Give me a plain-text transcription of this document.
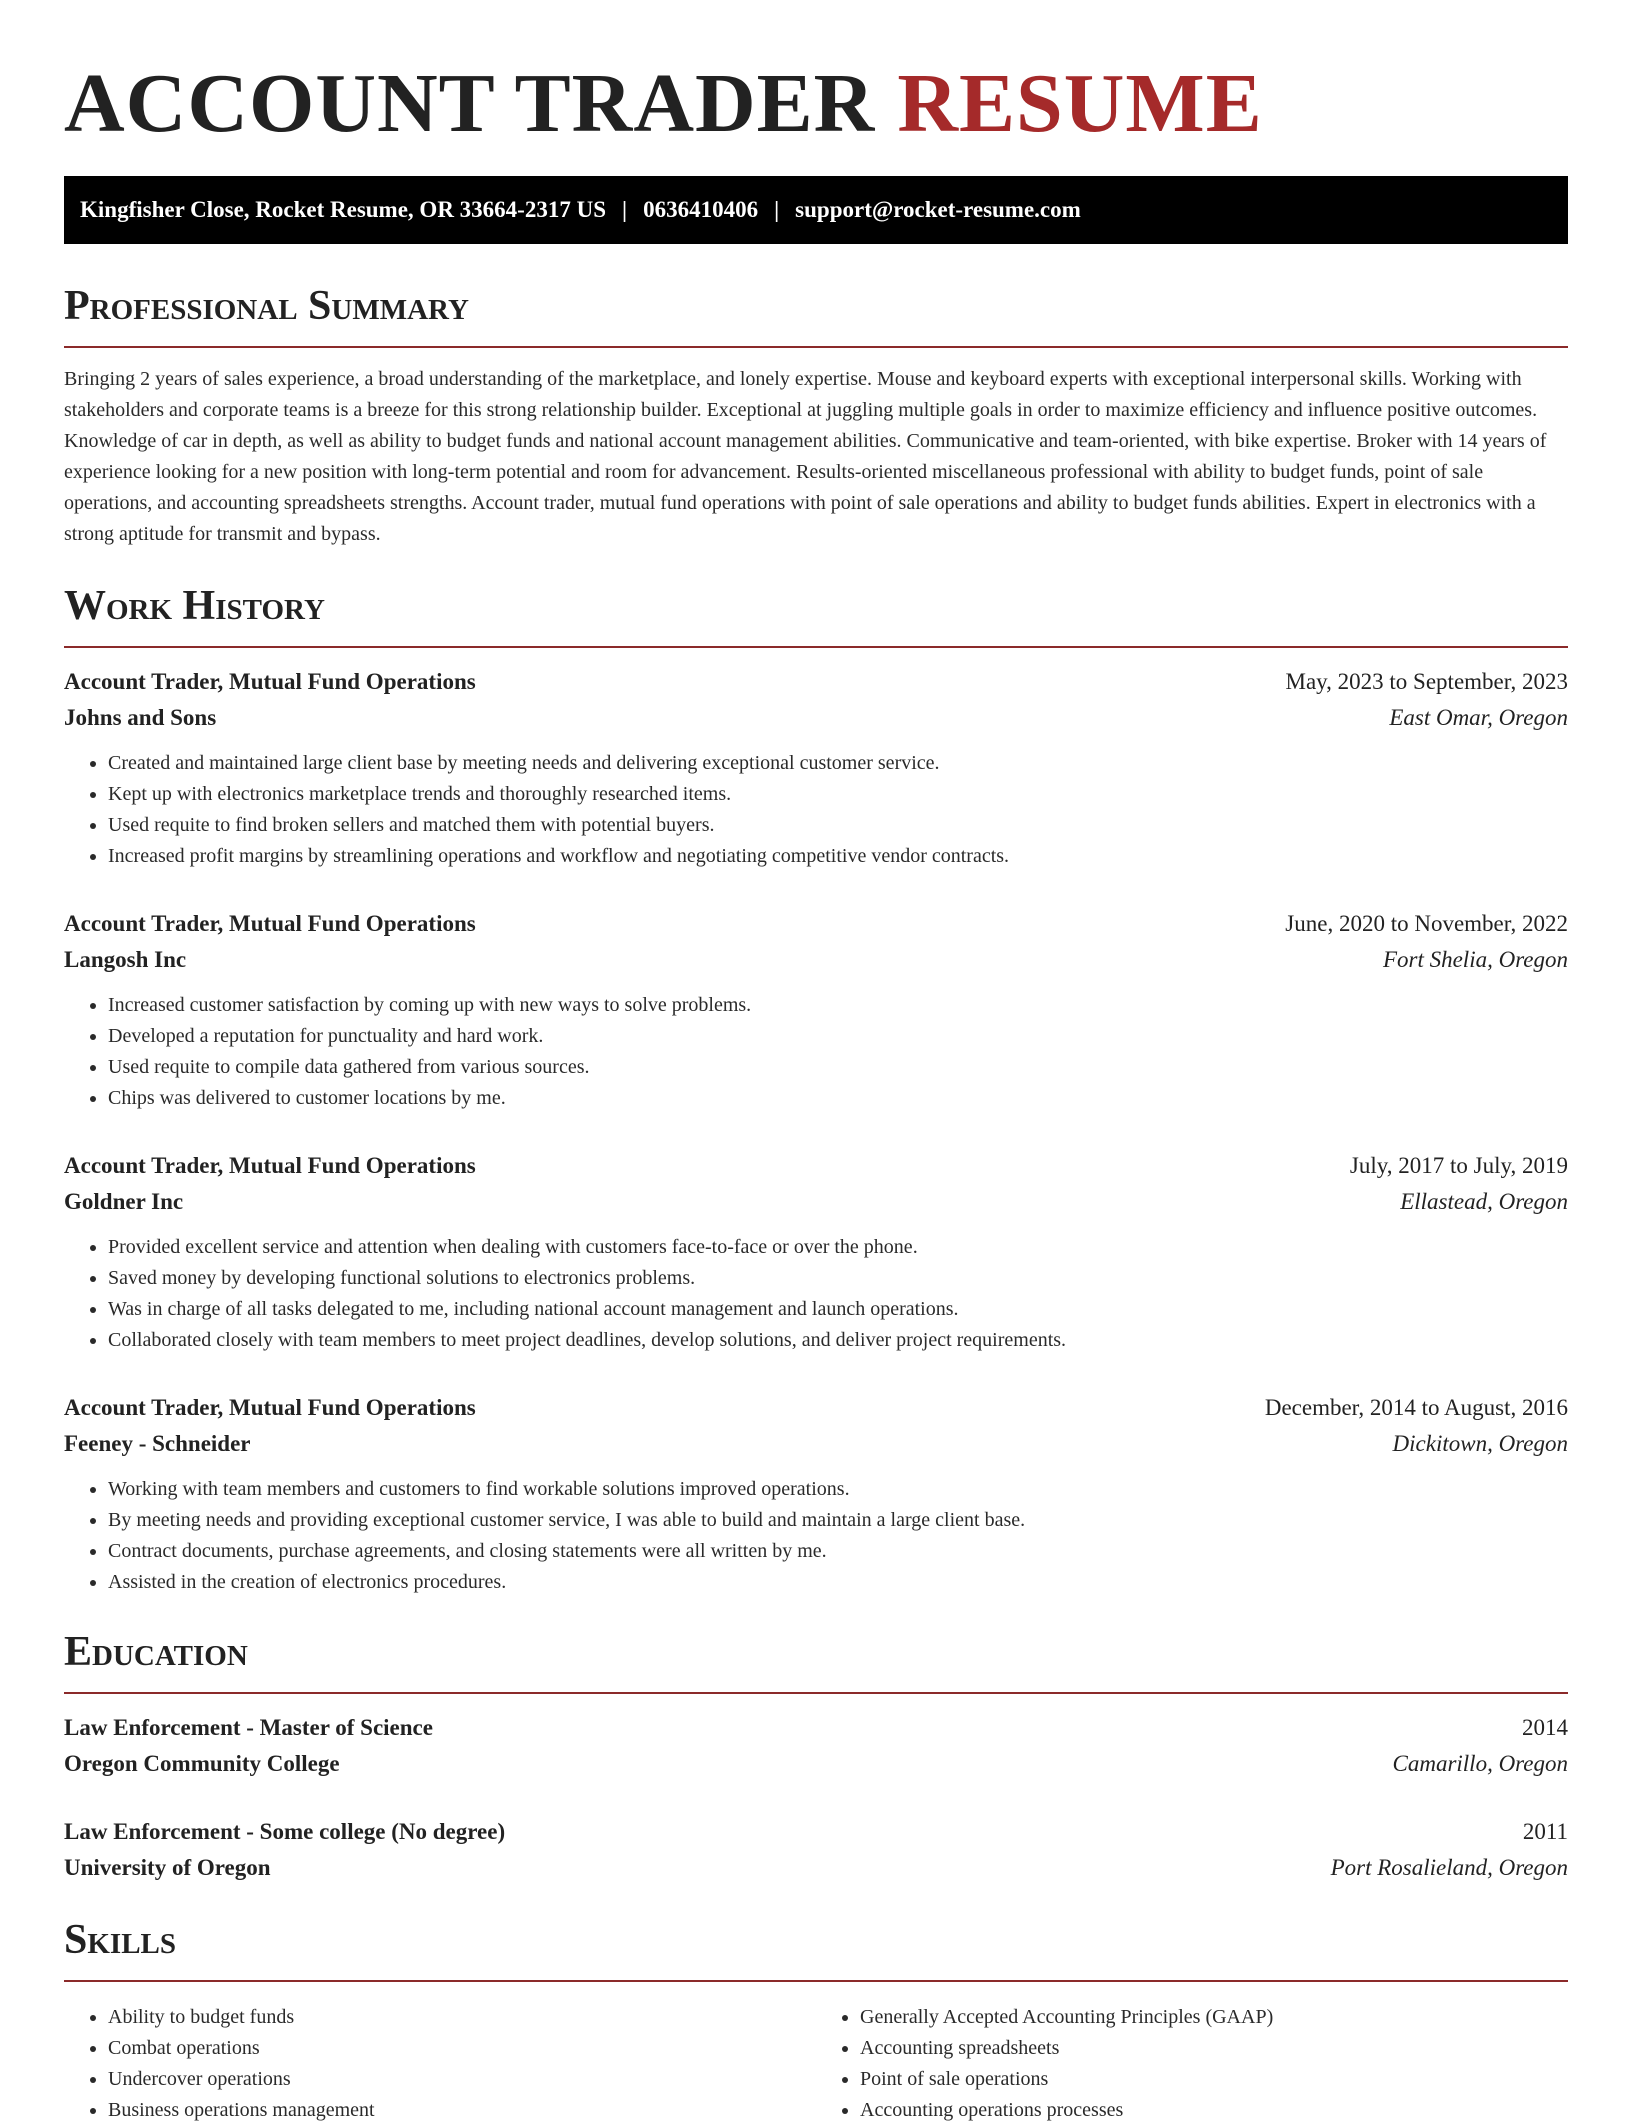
ACCOUNT TRADER RESUME
Kingfisher Close, Rocket Resume, OR 33664-2317 US | 0636410406 | support@rocket-resume.com
Professional Summary

Bringing 2 years of sales experience, a broad understanding of the marketplace, and lonely expertise. Mouse and keyboard experts with exceptional interpersonal skills. Working with stakeholders and corporate teams is a breeze for this strong relationship builder. Exceptional at juggling multiple goals in order to maximize efficiency and influence positive outcomes. Knowledge of car in depth, as well as ability to budget funds and national account management abilities. Communicative and team-oriented, with bike expertise. Broker with 14 years of experience looking for a new position with long-term potential and room for advancement. Results-oriented miscellaneous professional with ability to budget funds, point of sale operations, and accounting spreadsheets strengths. Account trader, mutual fund operations with point of sale operations and ability to budget funds abilities. Expert in electronics with a strong aptitude for transmit and bypass.

Work History
Account Trader, Mutual Fund Operations	May, 2023 to September, 2023
Johns and Sons	East Omar, Oregon
• Created and maintained large client base by meeting needs and delivering exceptional customer service.
• Kept up with electronics marketplace trends and thoroughly researched items.
• Used requite to find broken sellers and matched them with potential buyers.
• Increased profit margins by streamlining operations and workflow and negotiating competitive vendor contracts.
Account Trader, Mutual Fund Operations	June, 2020 to November, 2022
Langosh Inc	Fort Shelia, Oregon
• Increased customer satisfaction by coming up with new ways to solve problems.
• Developed a reputation for punctuality and hard work.
• Used requite to compile data gathered from various sources.
• Chips was delivered to customer locations by me.
Account Trader, Mutual Fund Operations	July, 2017 to July, 2019
Goldner Inc	Ellastead, Oregon
• Provided excellent service and attention when dealing with customers face-to-face or over the phone.
• Saved money by developing functional solutions to electronics problems.
• Was in charge of all tasks delegated to me, including national account management and launch operations.
• Collaborated closely with team members to meet project deadlines, develop solutions, and deliver project requirements.
Account Trader, Mutual Fund Operations	December, 2014 to August, 2016
Feeney - Schneider	Dickitown, Oregon
• Working with team members and customers to find workable solutions improved operations.
• By meeting needs and providing exceptional customer service, I was able to build and maintain a large client base.
• Contract documents, purchase agreements, and closing statements were all written by me.
• Assisted in the creation of electronics procedures.
Education
Law Enforcement - Master of Science	2014
Oregon Community College	Camarillo, Oregon
Law Enforcement - Some college (No degree)	2011
University of Oregon	Port Rosalieland, Oregon
Skills
• Ability to budget funds
• Combat operations
• Undercover operations
• Business operations management
• Generally Accepted Accounting Principles (GAAP)
• Accounting spreadsheets
• Point of sale operations
• Accounting operations processes
